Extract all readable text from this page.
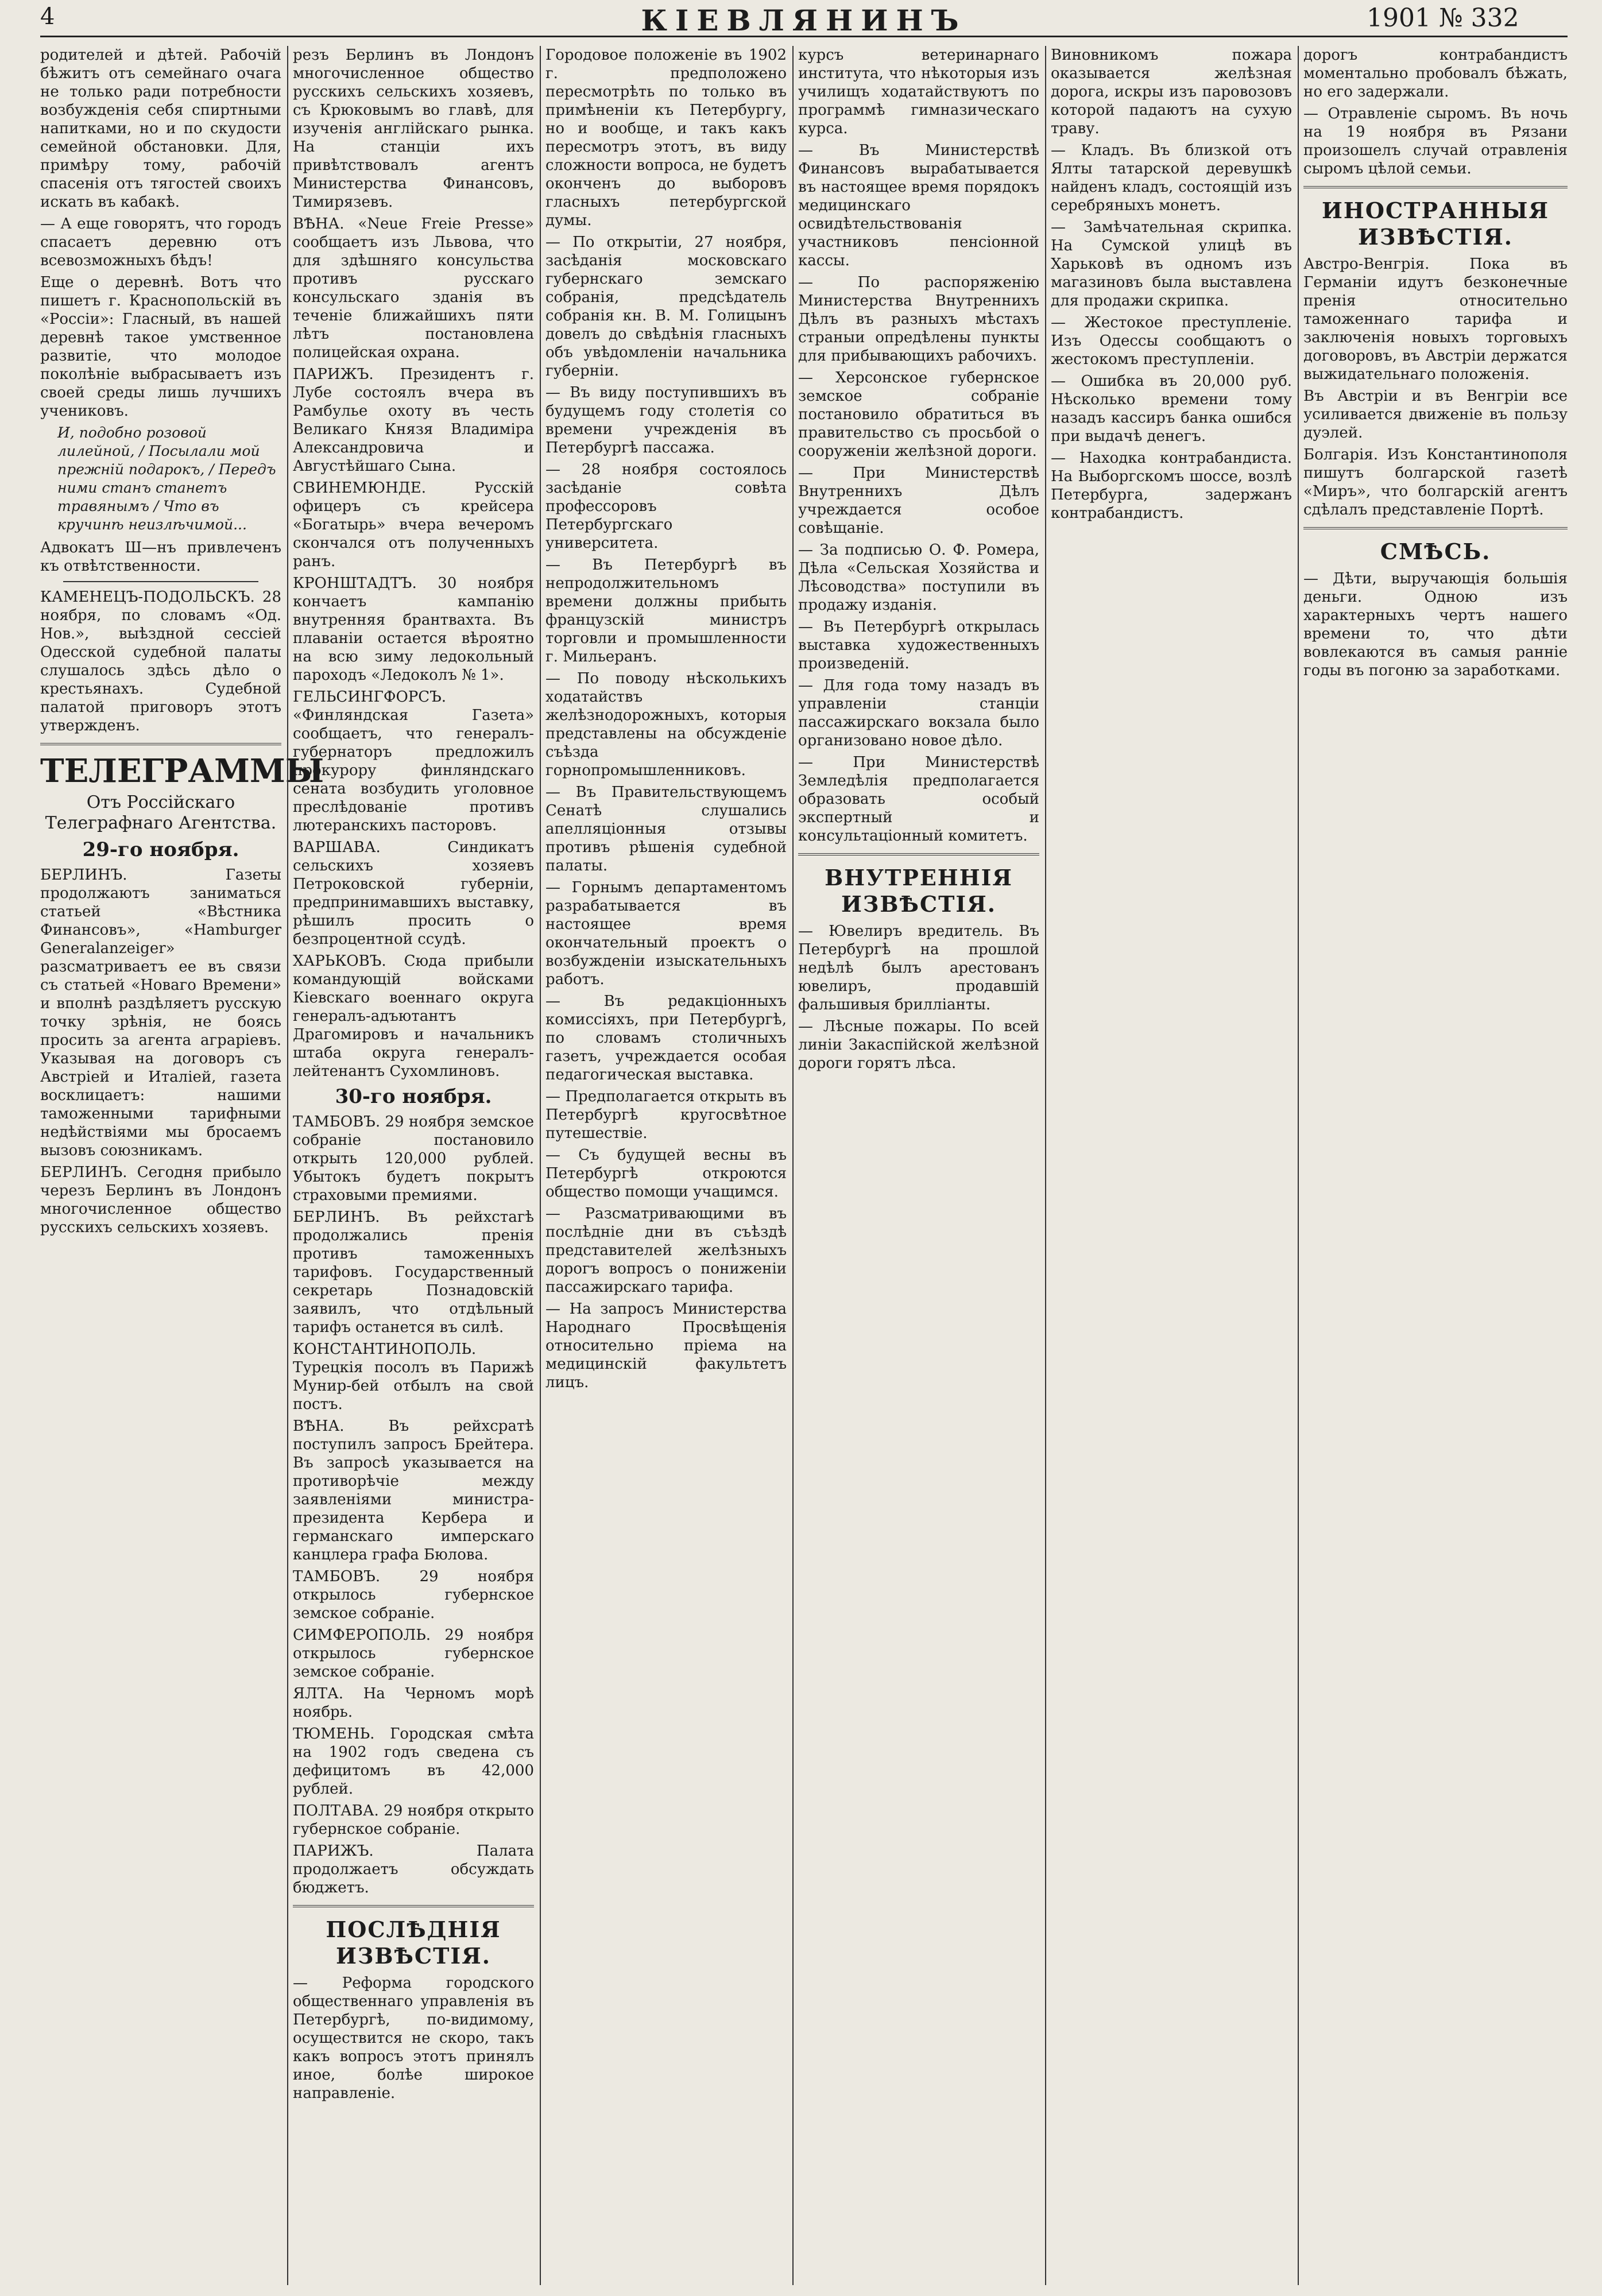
4	КІЕВЛЯНИНЪ	1901 № 332

родителей и дѣтей. Рабочій бѣжитъ отъ семейнаго очага не только ради потребности возбужденія себя спиртными напитками, но и по скудости семейной обстановки. Для, примѣру тому, рабочій спасенія отъ тягостей своихъ искать въ кабакѣ.

— А еще говорятъ, что городъ спасаетъ деревню отъ всевозможныхъ бѣдъ!

Еще о деревнѣ. Вотъ что пишетъ г. Краснопольскій въ «Россіи»: Гласный, въ нашей деревнѣ такое умственное развитіе, что молодое поколѣніе выбрасываетъ изъ своей среды лишь лучшихъ учениковъ.

И, подобно розовой лилейной, / Посылали мой прежній подарокъ, / Передъ ними станъ станетъ травянымъ / Что въ кручинѣ неизлѣчимой...

Адвокатъ Ш—нъ привлеченъ къ отвѣтственности.

КАМЕНЕЦЪ-ПОДОЛЬСКЪ. 28 ноября, по словамъ «Од. Нов.», выѣздной сессіей Одесской судебной палаты слушалось здѣсь дѣло о крестьянахъ. Судебной палатой приговоръ этотъ утвержденъ.

ТЕЛЕГРАММЫ
Отъ Россійскаго Телеграфнаго Агентства.
29-го ноября.

БЕРЛИНЪ. Газеты продолжаютъ заниматься статьей «Вѣстника Финансовъ», «Hamburger Generalanzeiger» разсматриваетъ ее въ связи съ статьей «Новаго Времени» и вполнѣ раздѣляетъ русскую точку зрѣнія, не боясь просить за агента аграріевъ. Указывая на договоръ съ Австріей и Италіей, газета восклицаетъ: нашими таможенными тарифными недѣйствіями мы бросаемъ вызовъ союзникамъ.

БЕРЛИНЪ. Сегодня прибыло черезъ Берлинъ въ Лондонъ многочисленное общество русскихъ сельскихъ хозяевъ.

резъ Берлинъ въ Лондонъ многочисленное общество русскихъ сельскихъ хозяевъ, съ Крюковымъ во главѣ, для изученія англійскаго рынка. На станціи ихъ привѣтствовалъ агентъ Министерства Финансовъ, Тимирязевъ.

ВѢНА. «Neue Freie Presse» сообщаетъ изъ Львова, что для здѣшняго консульства противъ русскаго консульскаго зданія въ теченіе ближайшихъ пяти лѣтъ постановлена полицейская охрана.

ПАРИЖЪ. Президентъ г. Лубе состоялъ вчера въ Рамбулье охоту въ честь Великаго Князя Владиміра Александровича и Августѣйшаго Сына.

СВИНЕМЮНДЕ. Русскій офицеръ съ крейсера «Богатырь» вчера вечеромъ скончался отъ полученныхъ ранъ.

КРОНШТАДТЪ. 30 ноября кончаетъ кампанію внутренняя брантвахта. Въ плаваніи остается вѣроятно на всю зиму ледокольный пароходъ «Ледоколъ № 1».

ГЕЛЬСИНГФОРСЪ. «Финляндская Газета» сообщаетъ, что генералъ-губернаторъ предложилъ прокурору финляндскаго сената возбудить уголовное преслѣдованіе противъ лютеранскихъ пасторовъ.

ВАРШАВА. Синдикатъ сельскихъ хозяевъ Петроковской губерніи, предпринимавшихъ выставку, рѣшилъ просить о безпроцентной ссудѣ.

ХАРЬКОВЪ. Сюда прибыли командующій войсками Кіевскаго военнаго округа генералъ-адъютантъ Драгомировъ и начальникъ штаба округа генералъ-лейтенантъ Сухомлиновъ.

30-го ноября.

ТАМБОВЪ. 29 ноября земское собраніе постановило открыть 120,000 рублей. Убытокъ будетъ покрытъ страховыми премиями.

БЕРЛИНЪ. Въ рейхстагѣ продолжались пренія противъ таможенныхъ тарифовъ. Государственный секретарь Познадовскій заявилъ, что отдѣльный тарифъ останется въ силѣ.

КОНСТАНТИНОПОЛЬ. Турецкія посолъ въ Парижѣ Мунир-бей отбылъ на свой постъ.

ВѢНА. Въ рейхсратѣ поступилъ запросъ Брейтера. Въ запросѣ указывается на противорѣчіе между заявленіями министра-президента Кербера и германскаго имперскаго канцлера графа Бюлова.

ТАМБОВЪ. 29 ноября открылось губернское земское собраніе.

СИМФЕРОПОЛЬ. 29 ноября открылось губернское земское собраніе.

ЯЛТА. На Черномъ морѣ ноябрь.

ТЮМЕНЬ. Городская смѣта на 1902 годъ сведена съ дефицитомъ въ 42,000 рублей.

ПОЛТАВА. 29 ноября открыто губернское собраніе.

ПАРИЖЪ. Палата продолжаетъ обсуждать бюджетъ.

ПОСЛѢДНІЯ ИЗВѢСТІЯ.

— Реформа городского общественнаго управленія въ Петербургѣ, по-видимому, осуществится не скоро, такъ какъ вопросъ этотъ принялъ иное, болѣе широкое направленіе.

Городовое положеніе въ 1902 г. предположено пересмотрѣть по только въ примѣненіи къ Петербургу, но и вообще, и такъ какъ пересмотръ этотъ, въ виду сложности вопроса, не будетъ оконченъ до выборовъ гласныхъ петербургской думы.

— По открытіи, 27 ноября, засѣданія московскаго губернскаго земскаго собранія, предсѣдатель собранія кн. В. М. Голицынъ довелъ до свѣдѣнія гласныхъ объ увѣдомленіи начальника губерніи.

— Въ виду поступившихъ въ будущемъ году столетія со времени учрежденія въ Петербургѣ пассажа.

— 28 ноября состоялось засѣданіе совѣта профессоровъ Петербургскаго университета.

— Въ Петербургѣ въ непродолжительномъ времени должны прибыть французскій министръ торговли и промышленности г. Мильеранъ.

— По поводу нѣсколькихъ ходатайствъ желѣзнодорожныхъ, которыя представлены на обсужденіе съѣзда горнопромышленниковъ.

— Въ Правительствующемъ Сенатѣ слушались апелляціонныя отзывы противъ рѣшенія судебной палаты.

— Горнымъ департаментомъ разрабатывается въ настоящее время окончательный проектъ о возбужденіи изыскательныхъ работъ.

— Въ редакціонныхъ комиссіяхъ, при Петербургѣ, по словамъ столичныхъ газетъ, учреждается особая педагогическая выставка.

— Предполагается открыть въ Петербургѣ кругосвѣтное путешествіе.

— Съ будущей весны въ Петербургѣ откроются общество помощи учащимся.

— Разсматривающими въ послѣдніе дни въ съѣздѣ представителей желѣзныхъ дорогъ вопросъ о пониженіи пассажирскаго тарифа.

— На запросъ Министерства Народнаго Просвѣщенія относительно пріема на медицинскій факультетъ лицъ.

курсъ ветеринарнаго института, что нѣкоторыя изъ училищъ ходатайствуютъ по программѣ гимназическаго курса.

— Въ Министерствѣ Финансовъ вырабатывается въ настоящее время порядокъ медицинскаго освидѣтельствованія участниковъ пенсіонной кассы.

— По распоряженію Министерства Внутреннихъ Дѣлъ въ разныхъ мѣстахъ страныи опредѣлены пункты для прибывающихъ рабочихъ.

— Херсонское губернское земское собраніе постановило обратиться въ правительство съ просьбой о сооруженіи желѣзной дороги.

— При Министерствѣ Внутреннихъ Дѣлъ учреждается особое совѣщаніе.

— За подписью О. Ф. Ромера, Дѣла «Сельская Хозяйства и Лѣсоводства» поступили въ продажу изданія.

— Въ Петербургѣ открылась выставка художественныхъ произведеній.

— Для года тому назадъ въ управленіи станціи пассажирскаго вокзала было организовано новое дѣло.

— При Министерствѣ Земледѣлія предполагается образовать особый экспертный и консультаціонный комитетъ.

ВНУТРЕННІЯ ИЗВѢСТІЯ.

— Ювелиръ вредитель. Въ Петербургѣ на прошлой недѣлѣ былъ арестованъ ювелиръ, продавшій фальшивыя брилліанты.

— Лѣсные пожары. По всей линіи Закаспійской желѣзной дороги горятъ лѣса.

Виновникомъ пожара оказывается желѣзная дорога, искры изъ паровозовъ которой падаютъ на сухую траву.

— Кладъ. Въ близкой отъ Ялты татарской деревушкѣ найденъ кладъ, состоящій изъ серебряныхъ монетъ.

— Замѣчательная скрипка. На Сумской улицѣ въ Харьковѣ въ одномъ изъ магазиновъ была выставлена для продажи скрипка.

— Жестокое преступленіе. Изъ Одессы сообщаютъ о жестокомъ преступленіи.

— Ошибка въ 20,000 руб. Нѣсколько времени тому назадъ кассиръ банка ошибся при выдачѣ денегъ.

— Находка контрабандиста. На Выборгскомъ шоссе, возлѣ Петербурга, задержанъ контрабандистъ.

дорогъ контрабандистъ моментально пробовалъ бѣжать, но его задержали.

— Отравленіе сыромъ. Въ ночь на 19 ноября въ Рязани произошелъ случай отравленія сыромъ цѣлой семьи.

ИНОСТРАННЫЯ ИЗВѢСТІЯ.

Австро-Венгрія. Пока въ Германіи идутъ безконечные пренія относительно таможеннаго тарифа и заключенія новыхъ торговыхъ договоровъ, въ Австріи держатся выжидательнаго положенія.

Въ Австріи и въ Венгріи все усиливается движеніе въ пользу дуэлей.

Болгарія. Изъ Константинополя пишутъ болгарской газетѣ «Миръ», что болгарскій агентъ сдѣлалъ представленіе Портѣ.

СМѢСЬ.

— Дѣти, выручающія большія деньги. Одною изъ характерныхъ чертъ нашего времени то, что дѣти вовлекаются въ самыя ранніе годы въ погоню за заработками.
